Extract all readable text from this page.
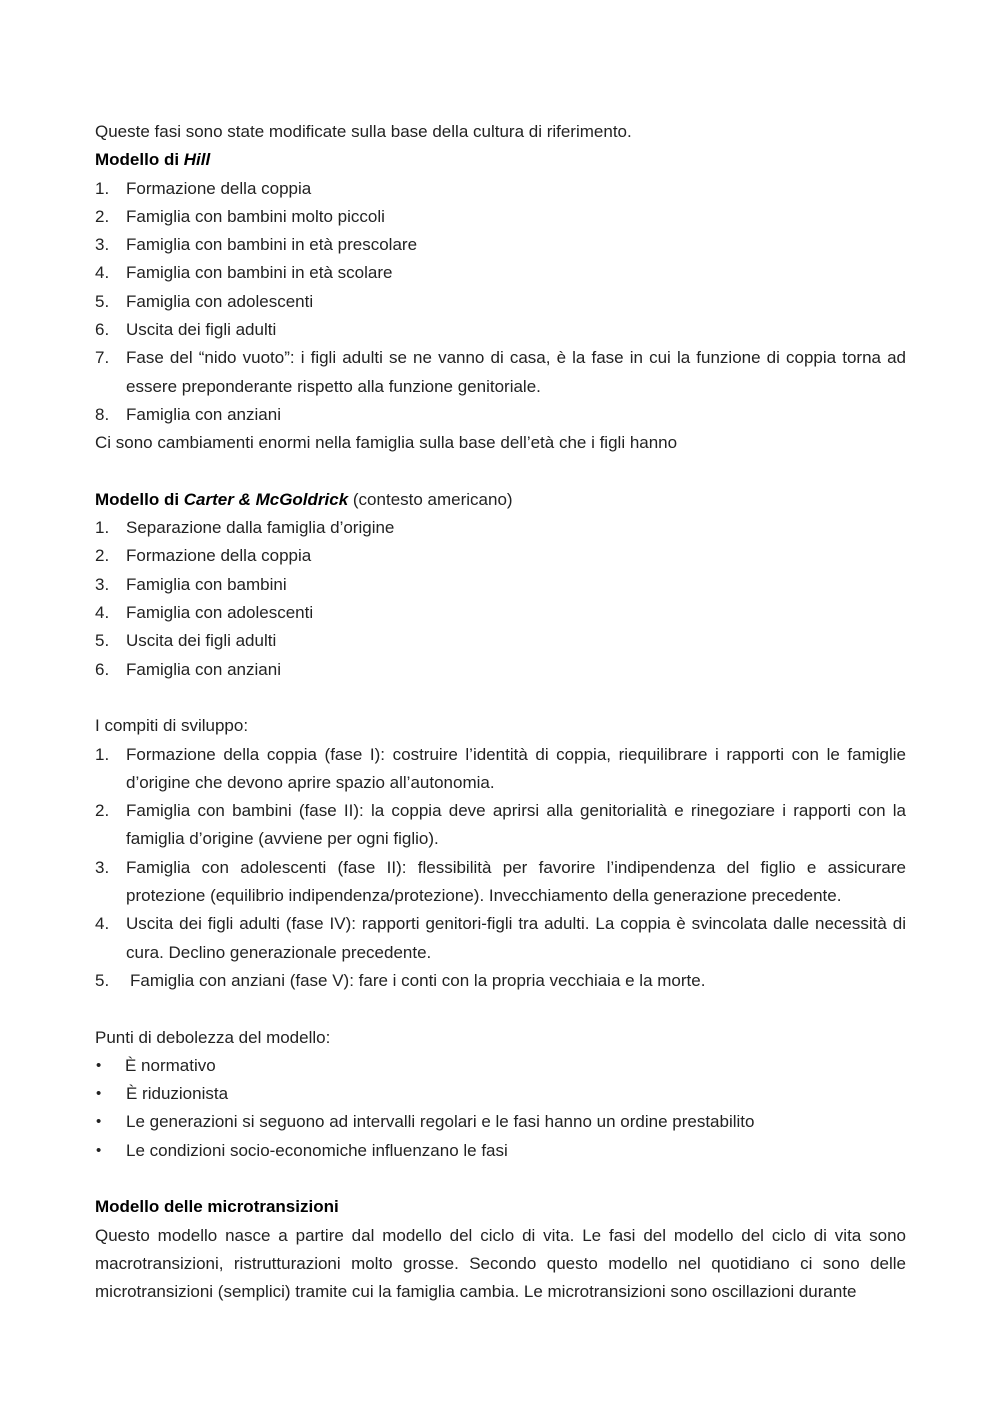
Queste fasi sono state modificate sulla base della cultura di riferimento.
Modello di Hill
1. Formazione della coppia
2. Famiglia con bambini molto piccoli
3. Famiglia con bambini in età prescolare
4. Famiglia con bambini in età scolare
5. Famiglia con adolescenti
6. Uscita dei figli adulti
7. Fase del “nido vuoto”: i figli adulti se ne vanno di casa, è la fase in cui la funzione di coppia torna ad essere preponderante rispetto alla funzione genitoriale.
8. Famiglia con anziani
Ci sono cambiamenti enormi nella famiglia sulla base dell’età che i figli hanno
Modello di Carter & McGoldrick (contesto americano)
1. Separazione dalla famiglia d’origine
2. Formazione della coppia
3. Famiglia con bambini
4. Famiglia con adolescenti
5. Uscita dei figli adulti
6. Famiglia con anziani
I compiti di sviluppo:
1. Formazione della coppia (fase I): costruire l’identità di coppia, riequilibrare i rapporti con le famiglie d’origine che devono aprire spazio all’autonomia.
2. Famiglia con bambini (fase II): la coppia deve aprirsi alla genitorialità e rinegoziare i rapporti con la famiglia d’origine (avviene per ogni figlio).
3. Famiglia con adolescenti (fase II): flessibilità per favorire l’indipendenza del figlio e assicurare protezione (equilibrio indipendenza/protezione). Invecchiamento della generazione precedente.
4. Uscita dei figli adulti (fase IV): rapporti genitori-figli tra adulti. La coppia è svincolata dalle necessità di cura. Declino generazionale precedente.
5. Famiglia con anziani (fase V): fare i conti con la propria vecchiaia e la morte.
Punti di debolezza del modello:
• È normativo
• È riduzionista
• Le generazioni si seguono ad intervalli regolari e le fasi hanno un ordine prestabilito
• Le condizioni socio-economiche influenzano le fasi
Modello delle microtransizioni
Questo modello nasce a partire dal modello del ciclo di vita. Le fasi del modello del ciclo di vita sono macrotransizioni, ristrutturazioni molto grosse. Secondo questo modello nel quotidiano ci sono delle microtransizioni (semplici) tramite cui la famiglia cambia. Le microtransizioni sono oscillazioni durante
